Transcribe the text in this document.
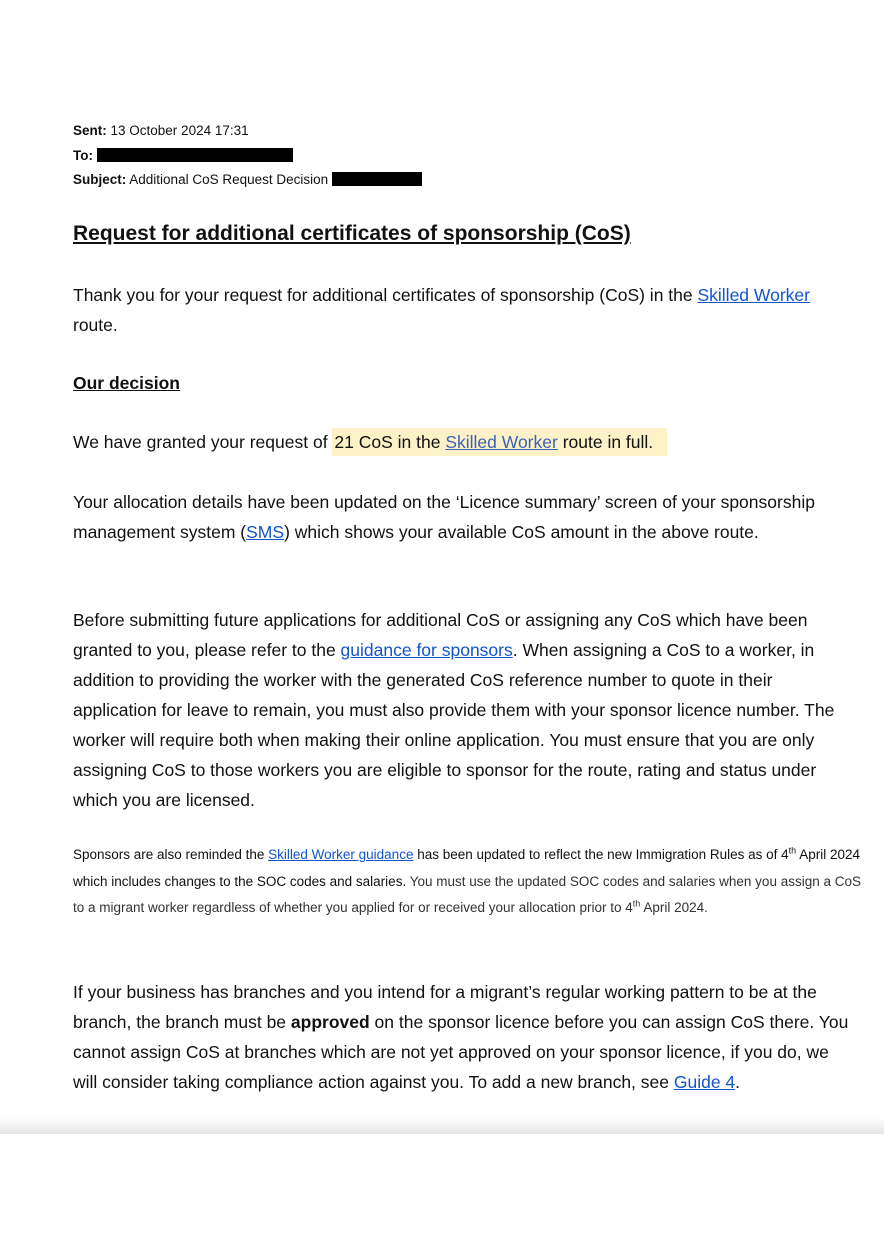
Sent: 13 October 2024 17:31
To:
Subject: Additional CoS Request Decision
Request for additional certificates of sponsorship (CoS)
Thank you for your request for additional certificates of sponsorship (CoS) in the Skilled Worker route.
Our decision
We have granted your request of 21 CoS in the Skilled Worker route in full.
Your allocation details have been updated on the ‘Licence summary’ screen of your sponsorship management system (SMS) which shows your available CoS amount in the above route.
Before submitting future applications for additional CoS or assigning any CoS which have been granted to you, please refer to the guidance for sponsors. When assigning a CoS to a worker, in addition to providing the worker with the generated CoS reference number to quote in their application for leave to remain, you must also provide them with your sponsor licence number. The worker will require both when making their online application. You must ensure that you are only assigning CoS to those workers you are eligible to sponsor for the route, rating and status under which you are licensed.
Sponsors are also reminded the Skilled Worker guidance has been updated to reflect the new Immigration Rules as of 4th April 2024 which includes changes to the SOC codes and salaries. You must use the updated SOC codes and salaries when you assign a CoS to a migrant worker regardless of whether you applied for or received your allocation prior to 4th April 2024.
If your business has branches and you intend for a migrant’s regular working pattern to be at the branch, the branch must be approved on the sponsor licence before you can assign CoS there. You cannot assign CoS at branches which are not yet approved on your sponsor licence, if you do, we will consider taking compliance action against you. To add a new branch, see Guide 4.
